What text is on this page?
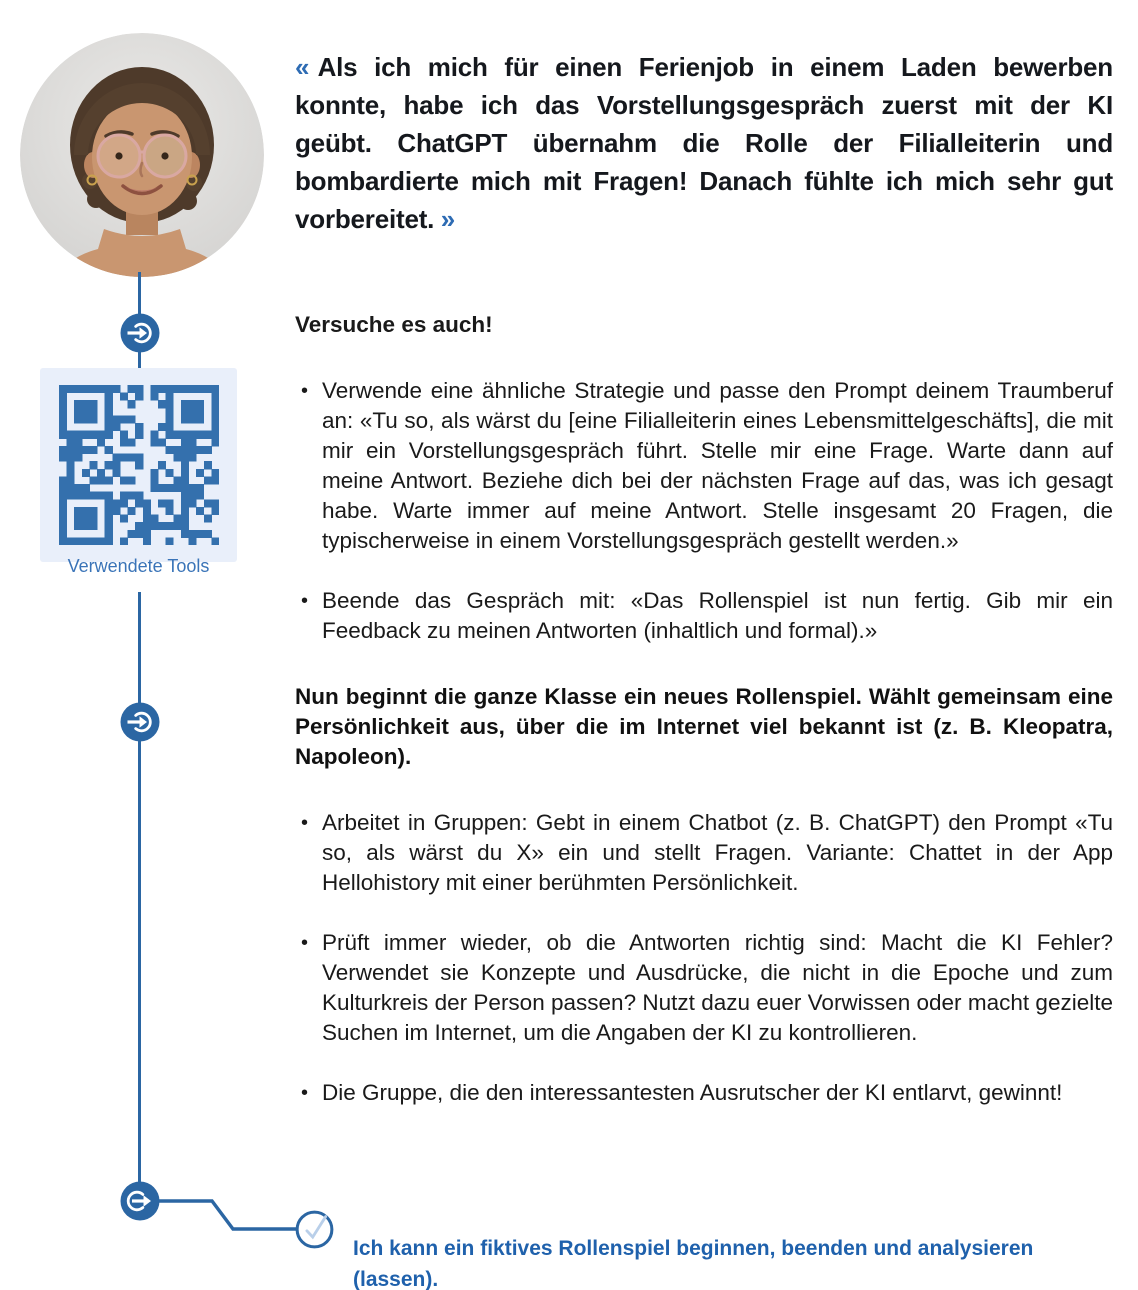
Verwendete Tools

« Als ich mich für einen Ferienjob in einem Laden bewerben konnte, habe ich das Vorstellungsgespräch zuerst mit der KI geübt. ChatGPT übernahm die Rolle der Filialleiterin und bombardierte mich mit Fragen! Danach fühlte ich mich sehr gut vorbereitet. »

Versuche es auch!

• Verwende eine ähnliche Strategie und passe den Prompt deinem Traumberuf an: «Tu so, als wärst du [eine Filialleiterin eines Lebensmittelgeschäfts], die mit mir ein Vorstellungsgespräch führt. Stelle mir eine Frage. Warte dann auf meine Antwort. Beziehe dich bei der nächsten Frage auf das, was ich gesagt habe. Warte immer auf meine Antwort. Stelle insgesamt 20 Fragen, die typischerweise in einem Vorstellungsgespräch gestellt werden.»
• Beende das Gespräch mit: «Das Rollenspiel ist nun fertig. Gib mir ein Feedback zu meinen Antworten (inhaltlich und formal).»

Nun beginnt die ganze Klasse ein neues Rollenspiel. Wählt gemeinsam eine Persönlichkeit aus, über die im Internet viel bekannt ist (z. B. Kleopatra, Napoleon).

• Arbeitet in Gruppen: Gebt in einem Chatbot (z. B. ChatGPT) den Prompt «Tu so, als wärst du X» ein und stellt Fragen. Variante: Chattet in der App Hellohistory mit einer berühmten Persönlichkeit.
• Prüft immer wieder, ob die Antworten richtig sind: Macht die KI Fehler? Verwendet sie Konzepte und Ausdrücke, die nicht in die Epoche und zum Kulturkreis der Person passen? Nutzt dazu euer Vorwissen oder macht gezielte Suchen im Internet, um die Angaben der KI zu kontrollieren.
• Die Gruppe, die den interessantesten Ausrutscher der KI entlarvt, gewinnt!

Ich kann ein fiktives Rollenspiel beginnen, beenden und analysieren (lassen).
